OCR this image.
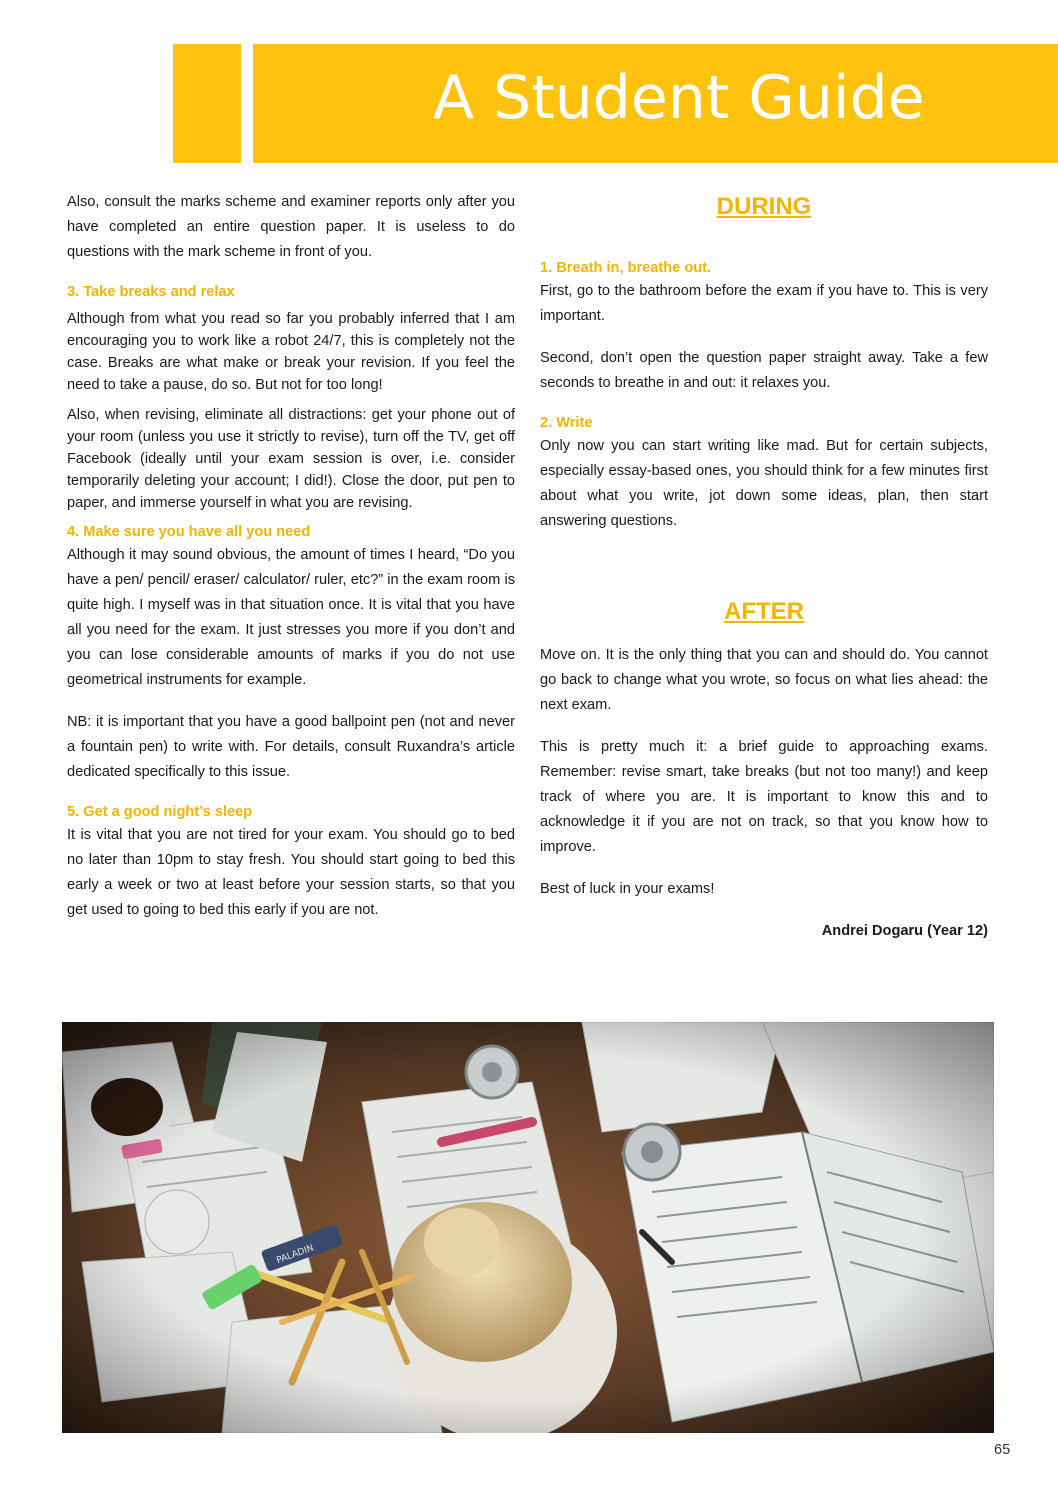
A Student Guide

Also, consult the marks scheme and examiner reports only after you have completed an entire question paper. It is useless to do questions with the mark scheme in front of you.

3. Take breaks and relax

Although from what you read so far you probably inferred that I am encouraging you to work like a robot 24/7, this is completely not the case. Breaks are what make or break your revision. If you feel the need to take a pause, do so. But not for too long!

Also, when revising, eliminate all distractions: get your phone out of your room (unless you use it strictly to revise), turn off the TV, get off Facebook (ideally until your exam session is over, i.e. consider temporarily deleting your account; I did!). Close the door, put pen to paper, and immerse yourself in what you are revising.

4. Make sure you have all you need

Although it may sound obvious, the amount of times I heard, “Do you have a pen/ pencil/ eraser/ calculator/ ruler, etc?” in the exam room is quite high. I myself was in that situation once. It is vital that you have all you need for the exam. It just stresses you more if you don’t and you can lose considerable amounts of marks if you do not use geometrical instruments for example.

NB: it is important that you have a good ballpoint pen (not and never a fountain pen) to write with. For details, consult Ruxandra’s article dedicated specifically to this issue.

5. Get a good night’s sleep

It is vital that you are not tired for your exam. You should go to bed no later than 10pm to stay fresh. You should start going to bed this early a week or two at least before your session starts, so that you get used to going to bed this early if you are not.

DURING
1. Breath in, breathe out.

First, go to the bathroom before the exam if you have to. This is very important.

Second, don’t open the question paper straight away. Take a few seconds to breathe in and out: it relaxes you.

2. Write

Only now you can start writing like mad. But for certain subjects, especially essay-based ones, you should think for a few minutes first about what you write, jot down some ideas, plan, then start answering questions.

AFTER

Move on. It is the only thing that you can and should do. You cannot go back to change what you wrote, so focus on what lies ahead: the next exam.

This is pretty much it: a brief guide to approaching exams. Remember: revise smart, take breaks (but not too many!) and keep track of where you are. It is important to know this and to acknowledge it if you are not on track, so that you know how to improve.

Best of luck in your exams!

Andrei Dogaru (Year 12)

65
